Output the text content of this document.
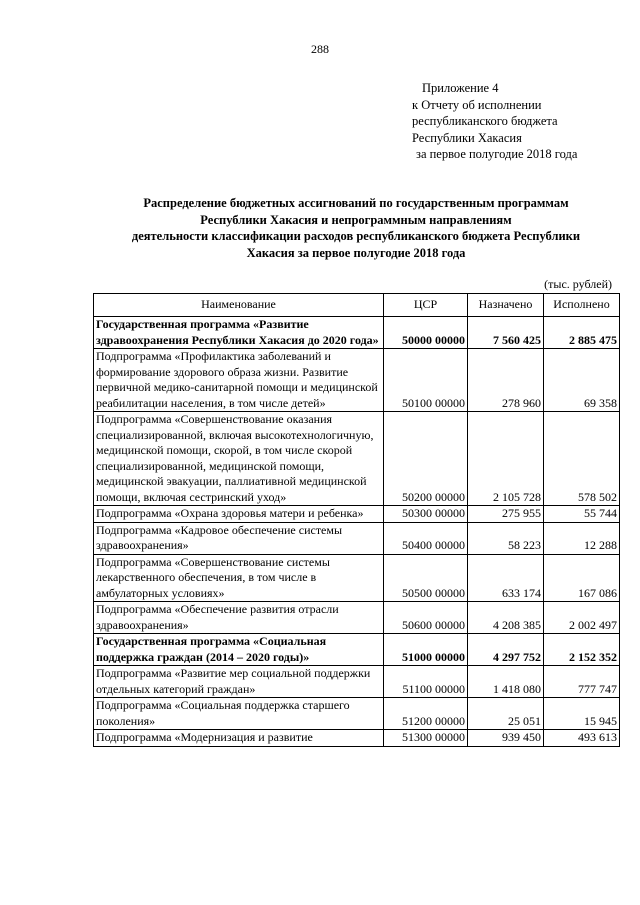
288
Приложение 4
к Отчету об исполнении
республиканского бюджета
Республики Хакасия
за первое полугодие 2018 года
Распределение бюджетных ассигнований по государственным программам
Республики Хакасия и непрограммным направлениям
деятельности классификации расходов республиканского бюджета Республики
Хакасия за первое полугодие 2018 года
(тыс. рублей)
Наименование	ЦСР	Назначено	Исполнено
Государственная программа «Развитие здравоохранения Республики Хакасия до 2020 года»	50000 00000	7 560 425	2 885 475
Подпрограмма «Профилактика заболеваний и формирование здорового образа жизни. Развитие первичной медико-санитарной помощи и медицинской реабилитации населения, в том числе детей»	50100 00000	278 960	69 358
Подпрограмма «Совершенствование оказания специализированной, включая высокотехнологичную, медицинской помощи, скорой, в том числе скорой специализированной, медицинской помощи, медицинской эвакуации, паллиативной медицинской помощи, включая сестринский уход»	50200 00000	2 105 728	578 502
Подпрограмма «Охрана здоровья матери и ребенка»	50300 00000	275 955	55 744
Подпрограмма «Кадровое обеспечение системы здравоохранения»	50400 00000	58 223	12 288
Подпрограмма «Совершенствование системы лекарственного обеспечения, в том числе в амбулаторных условиях»	50500 00000	633 174	167 086
Подпрограмма «Обеспечение развития отрасли здравоохранения»	50600 00000	4 208 385	2 002 497
Государственная программа «Социальная поддержка граждан (2014 – 2020 годы)»	51000 00000	4 297 752	2 152 352
Подпрограмма «Развитие мер социальной поддержки отдельных категорий граждан»	51100 00000	1 418 080	777 747
Подпрограмма «Социальная поддержка старшего поколения»	51200 00000	25 051	15 945
Подпрограмма «Модернизация и развитие	51300 00000	939 450	493 613
